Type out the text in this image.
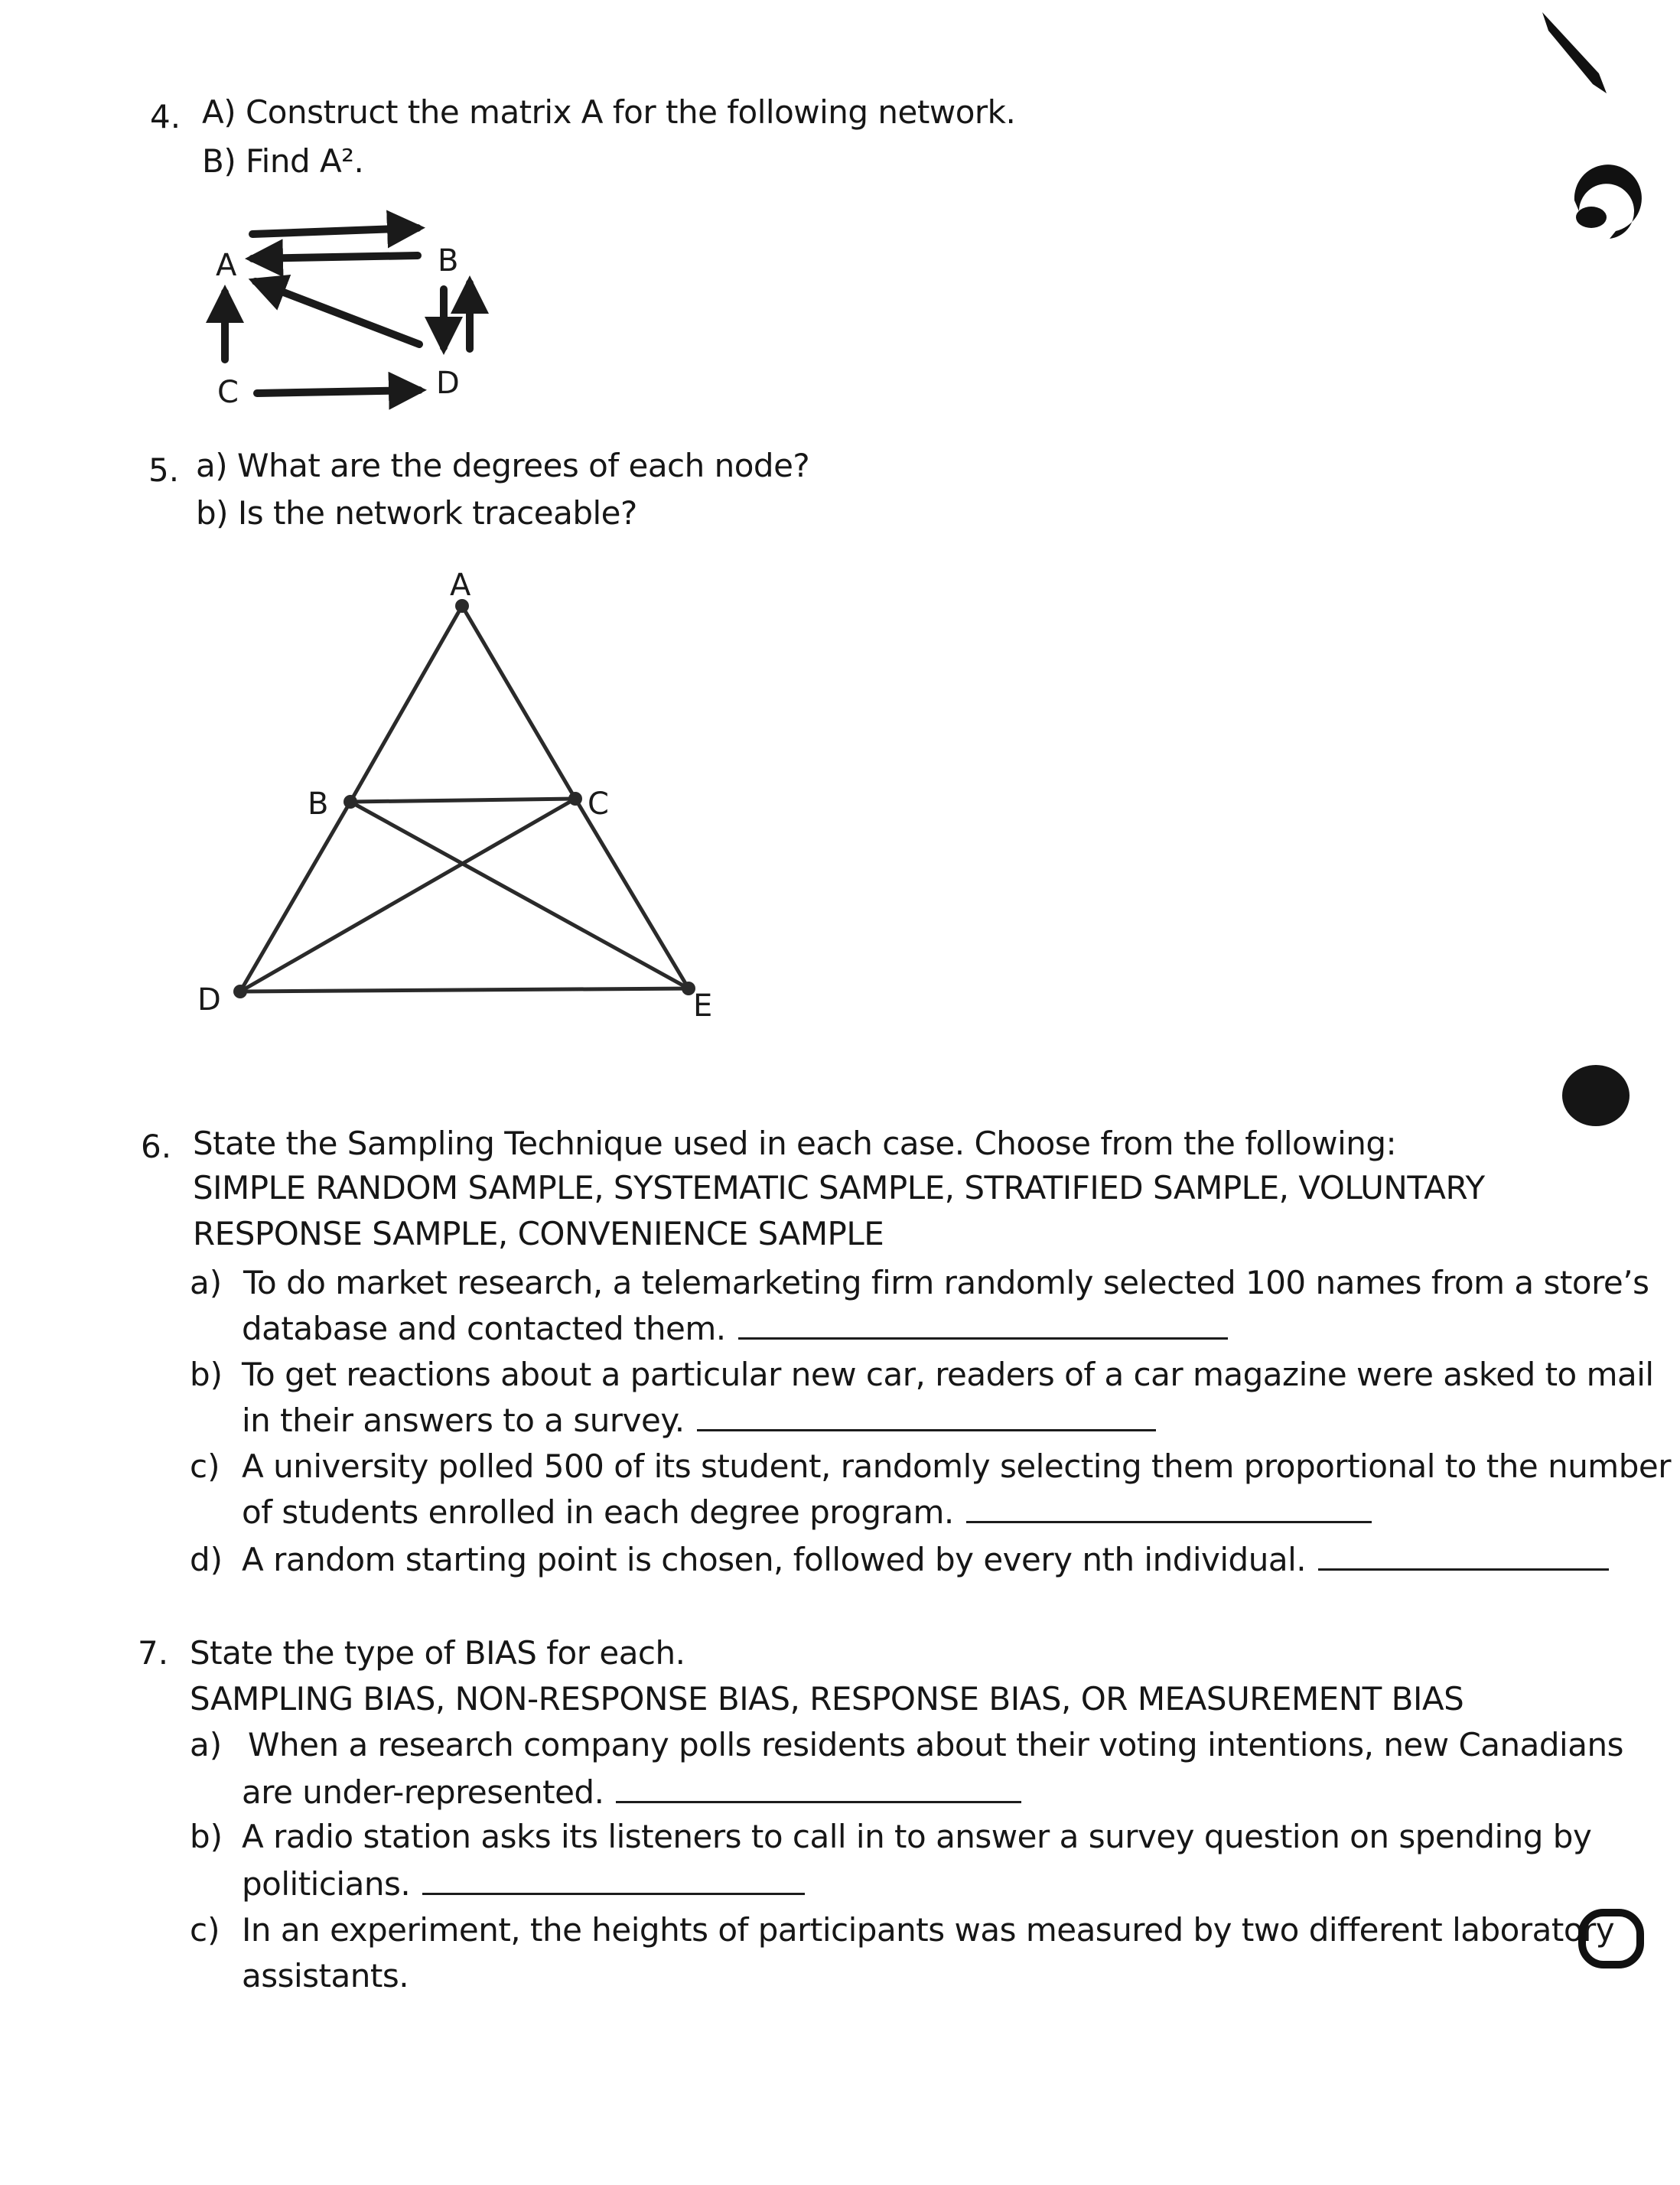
4. A) Construct the matrix A for the following network.
B) Find A².
A	B
C	D
5. a) What are the degrees of each node?
b) Is the network traceable?
A
B	C
D	E
6. State the Sampling Technique used in each case. Choose from the following:
SIMPLE RANDOM SAMPLE, SYSTEMATIC SAMPLE, STRATIFIED SAMPLE, VOLUNTARY
RESPONSE SAMPLE, CONVENIENCE SAMPLE
a) To do market research, a telemarketing firm randomly selected 100 names from a store’s
database and contacted them.
b) To get reactions about a particular new car, readers of a car magazine were asked to mail
in their answers to a survey.
c) A university polled 500 of its student, randomly selecting them proportional to the number
of students enrolled in each degree program.
d) A random starting point is chosen, followed by every nth individual.
7. State the type of BIAS for each.
SAMPLING BIAS, NON-RESPONSE BIAS, RESPONSE BIAS, OR MEASUREMENT BIAS
a) When a research company polls residents about their voting intentions, new Canadians
are under-represented.
b) A radio station asks its listeners to call in to answer a survey question on spending by
politicians.
c) In an experiment, the heights of participants was measured by two different laboratory
assistants.
